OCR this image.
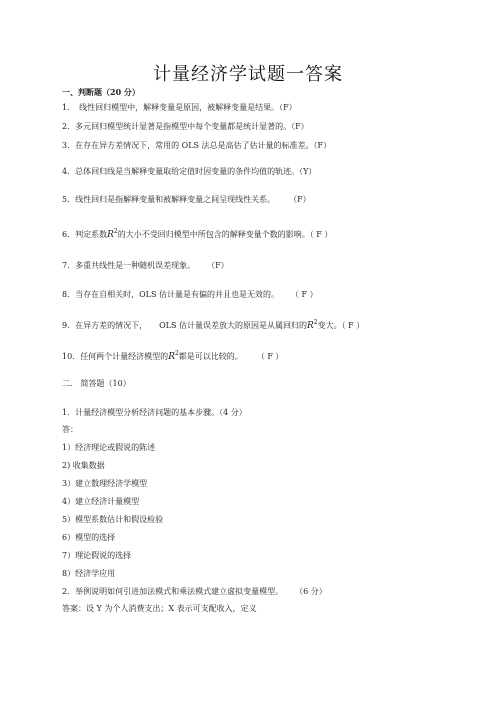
计量经济学试题一答案
一、判断题（20 分）
1． 线性回归模型中，解释变量是原因，被解释变量是结果。（F）
2．多元回归模型统计显著是指模型中每个变量都是统计显著的。（F）
3．在存在异方差情况下，常用的 OLS 法总是高估了估计量的标准差。（F）
4．总体回归线是当解释变量取给定值时因变量的条件均值的轨迹。（Y）
5．线性回归是指解释变量和被解释变量之间呈现线性关系。 （F）
6．判定系数$R^2$的大小不受回归模型中所包含的解释变量个数的影响。（ F ）
7．多重共线性是一种随机误差现象。 （F）
8．当存在自相关时，OLS 估计量是有偏的并且也是无效的。 （ F ）
9．在异方差的情况下， OLS 估计量误差放大的原因是从属回归的$R^2$变大。（ F ）
10．任何两个计量经济模型的$R^2$都是可以比较的。 （ F ）
二． 简答题（10）
1．计量经济模型分析经济问题的基本步骤。（4 分）
答：
1）经济理论或假说的陈述
2) 收集数据
3）建立数理经济学模型
4）建立经济计量模型
5）模型系数估计和假设检验
6）模型的选择
7）理论假说的选择
8）经济学应用
2．举例说明如何引进加法模式和乘法模式建立虚拟变量模型。 （6 分）
答案：设 Y 为个人消费支出；X 表示可支配收入，定义
